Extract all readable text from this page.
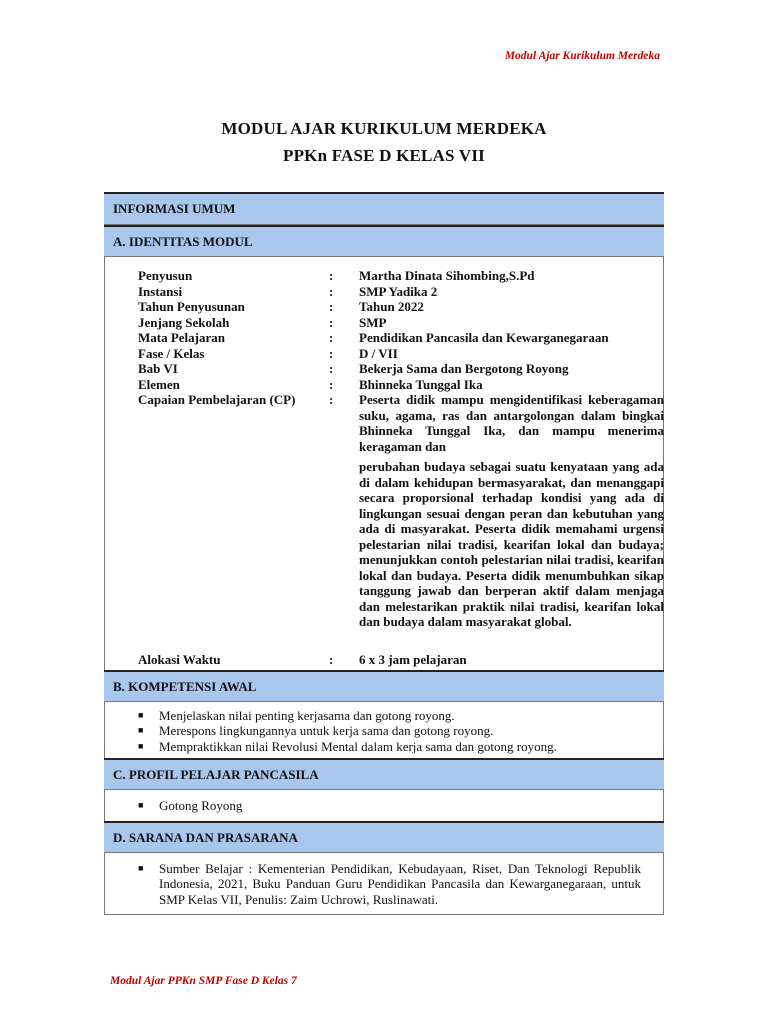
Modul Ajar Kurikulum Merdeka
MODUL AJAR KURIKULUM MERDEKA
PPKn FASE D KELAS VII
INFORMASI UMUM
A. IDENTITAS MODUL
Penyusun	: Martha Dinata Sihombing,S.Pd
Instansi	: SMP Yadika 2
Tahun Penyusunan	: Tahun 2022
Jenjang Sekolah	: SMP
Mata Pelajaran	: Pendidikan Pancasila dan Kewarganegaraan
Fase / Kelas	: D / VII
Bab VI	: Bekerja Sama dan Bergotong Royong
Elemen	: Bhinneka Tunggal Ika
Capaian Pembelajaran (CP)	: Peserta didik mampu mengidentifikasi keberagaman suku, agama, ras dan antargolongan dalam bingkai Bhinneka Tunggal Ika, dan mampu menerima keragaman dan
perubahan budaya sebagai suatu kenyataan yang ada di dalam kehidupan bermasyarakat, dan menanggapi secara proporsional terhadap kondisi yang ada di lingkungan sesuai dengan peran dan kebutuhan yang ada di masyarakat. Peserta didik memahami urgensi pelestarian nilai tradisi, kearifan lokal dan budaya; menunjukkan contoh pelestarian nilai tradisi, kearifan lokal dan budaya. Peserta didik menumbuhkan sikap tanggung jawab dan berperan aktif dalam menjaga dan melestarikan praktik nilai tradisi, kearifan lokal dan budaya dalam masyarakat global.
Alokasi Waktu	: 6 x 3 jam pelajaran
B. KOMPETENSI AWAL
■ Menjelaskan nilai penting kerjasama dan gotong royong.
■ Merespons lingkungannya untuk kerja sama dan gotong royong.
■ Mempraktikkan nilai Revolusi Mental dalam kerja sama dan gotong royong.
C. PROFIL PELAJAR PANCASILA
■ Gotong Royong
D. SARANA DAN PRASARANA
■ Sumber Belajar : Kementerian Pendidikan, Kebudayaan, Riset, Dan Teknologi Republik Indonesia, 2021, Buku Panduan Guru Pendidikan Pancasila dan Kewarganegaraan, untuk SMP Kelas VII, Penulis: Zaim Uchrowi, Ruslinawati.
Modul Ajar PPKn SMP Fase D Kelas 7
